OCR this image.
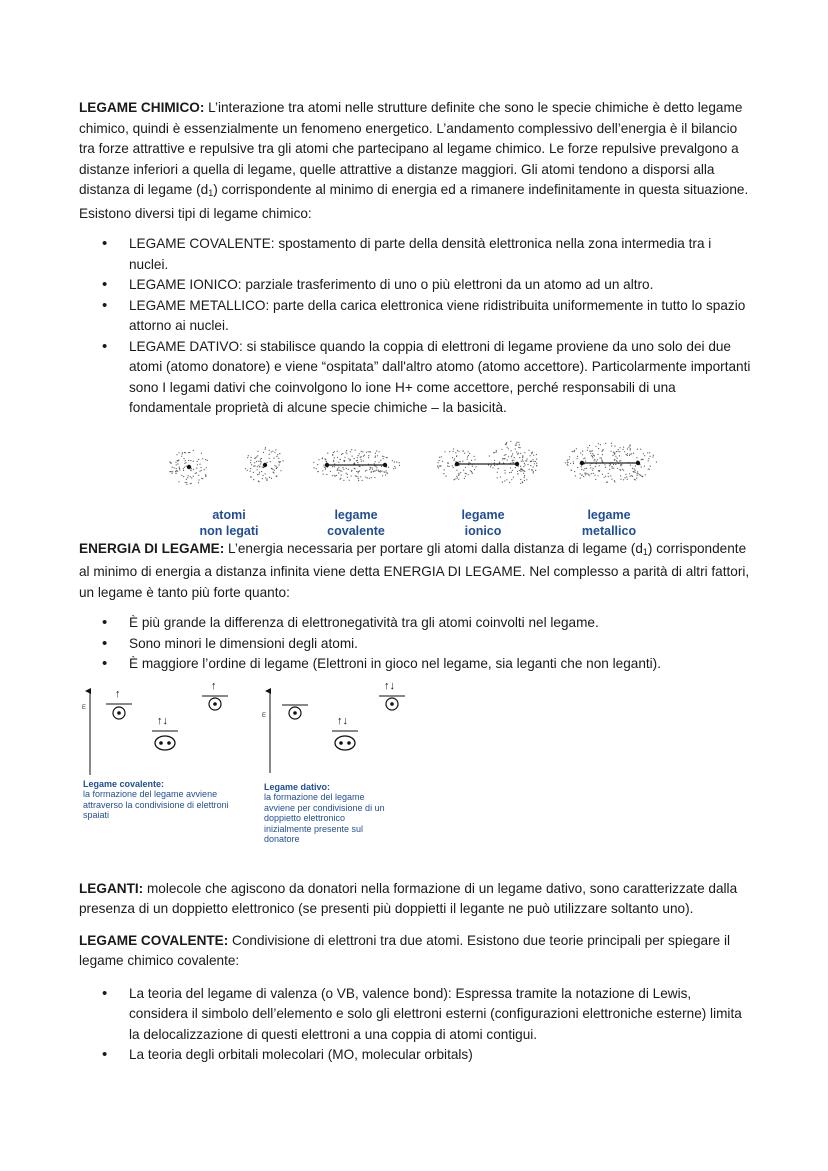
LEGAME CHIMICO: L’interazione tra atomi nelle strutture definite che sono le specie chimiche è detto legame chimico, quindi è essenzialmente un fenomeno energetico. L’andamento complessivo dell’energia è il bilancio tra forze attrattive e repulsive tra gli atomi che partecipano al legame chimico. Le forze repulsive prevalgono a distanze inferiori a quella di legame, quelle attrattive a distanze maggiori. Gli atomi tendono a disporsi alla distanza di legame $(d_1)$ corrispondente al minimo di energia ed a rimanere indefinitamente in questa situazione. Esistono diversi tipi di legame chimico:

• LEGAME COVALENTE: spostamento di parte della densità elettronica nella zona intermedia tra i nuclei.
• LEGAME IONICO: parziale trasferimento di uno o più elettroni da un atomo ad un altro.
• LEGAME METALLICO: parte della carica elettronica viene ridistribuita uniformemente in tutto lo spazio attorno ai nuclei.
• LEGAME DATIVO: si stabilisce quando la coppia di elettroni di legame proviene da uno solo dei due atomi (atomo donatore) e viene “ospitata” dall'altro atomo (atomo accettore). Particolarmente importanti sono I legami dativi che coinvolgono lo ione H+ come accettore, perché responsabili di una fondamentale proprietà di alcune specie chimiche – la basicità.
atomi
non legati
legame
covalente
legame
ionico
legame
metallico

ENERGIA DI LEGAME: L’energia necessaria per portare gli atomi dalla distanza di legame $(d_1)$ corrispondente al minimo di energia a distanza infinita viene detta ENERGIA DI LEGAME. Nel complesso a parità di altri fattori, un legame è tanto più forte quanto:

• È più grande la differenza di elettronegatività tra gli atomi coinvolti nel legame.
• Sono minori le dimensioni degli atomi.
• È maggiore l’ordine di legame (Elettroni in gioco nel legame, sia leganti che non leganti).
E
E
↑
↑
↑↓
↑↓
↑↓
Legame covalente:
la formazione del legame avviene
attraverso la condivisione di elettroni
spaiati
Legame dativo:
la formazione del legame
avviene per condivisione di un
doppietto elettronico
inizialmente presente sul
donatore

LEGANTI: molecole che agiscono da donatori nella formazione di un legame dativo, sono caratterizzate dalla presenza di un doppietto elettronico (se presenti più doppietti il legante ne può utilizzare soltanto uno).

LEGAME COVALENTE: Condivisione di elettroni tra due atomi. Esistono due teorie principali per spiegare il legame chimico covalente:

• La teoria del legame di valenza (o VB, valence bond): Espressa tramite la notazione di Lewis, considera il simbolo dell’elemento e solo gli elettroni esterni (configurazioni elettroniche esterne) limita la delocalizzazione di questi elettroni a una coppia di atomi contigui.
• La teoria degli orbitali molecolari (MO, molecular orbitals)
